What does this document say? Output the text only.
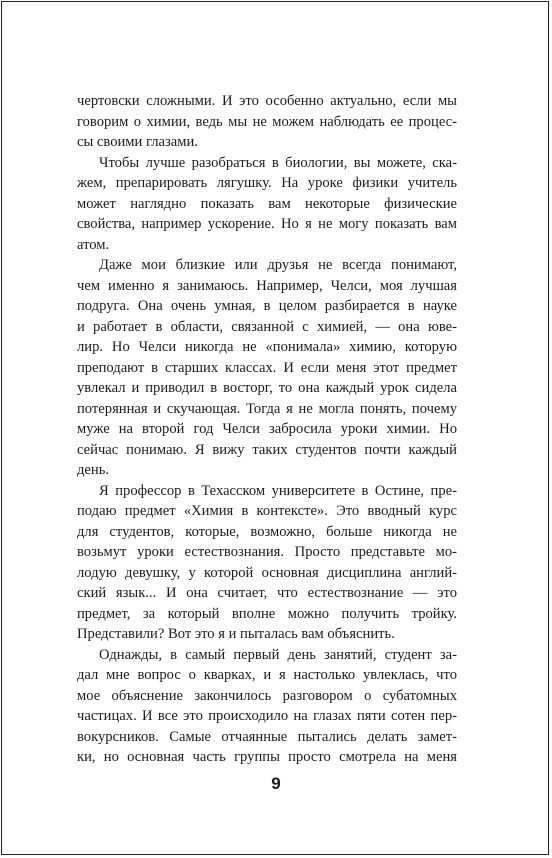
чертовски сложными. И это особенно актуально, если мы
говорим о химии, ведь мы не можем наблюдать ее процес-
сы своими глазами.
Чтобы лучше разобраться в биологии, вы можете, ска-
жем, препарировать лягушку. На уроке физики учитель
может наглядно показать вам некоторые физические
свойства, например ускорение. Но я не могу показать вам
атом.
Даже мои близкие или друзья не всегда понимают,
чем именно я занимаюсь. Например, Челси, моя лучшая
подруга. Она очень умная, в целом разбирается в науке
и работает в области, связанной с химией, — она юве-
лир. Но Челси никогда не «понимала» химию, которую
преподают в старших классах. И если меня этот предмет
увлекал и приводил в восторг, то она каждый урок сидела
потерянная и скучающая. Тогда я не могла понять, почему
муже на второй год Челси забросила уроки химии. Но
сейчас понимаю. Я вижу таких студентов почти каждый
день.
Я профессор в Техасском университете в Остине, пре-
подаю предмет «Химия в контексте». Это вводный курс
для студентов, которые, возможно, больше никогда не
возьмут уроки естествознания. Просто представьте мо-
лодую девушку, у которой основная дисциплина англий-
ский язык... И она считает, что естествознание — это
предмет, за который вполне можно получить тройку.
Представили? Вот это я и пыталась вам объяснить.
Однажды, в самый первый день занятий, студент за-
дал мне вопрос о кварках, и я настолько увлеклась, что
мое объяснение закончилось разговором о субатомных
частицах. И все это происходило на глазах пяти сотен пер-
вокурсников. Самые отчаянные пытались делать замет-
ки, но основная часть группы просто смотрела на меня
9
